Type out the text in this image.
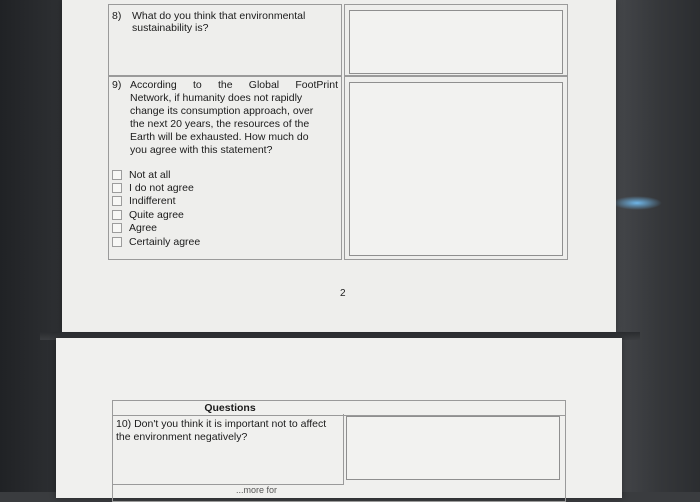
8) What do you think that environmental
sustainability is?
9) According to the Global FootPrint
Network, if humanity does not rapidly
change its consumption approach, over
the next 20 years, the resources of the
Earth will be exhausted. How much do
you agree with this statement?
Not at all
I do not agree
Indifferent
Quite agree
Agree
Certainly agree
2
Questions
10) Don't you think it is important not to affect
the environment negatively?
...more for
